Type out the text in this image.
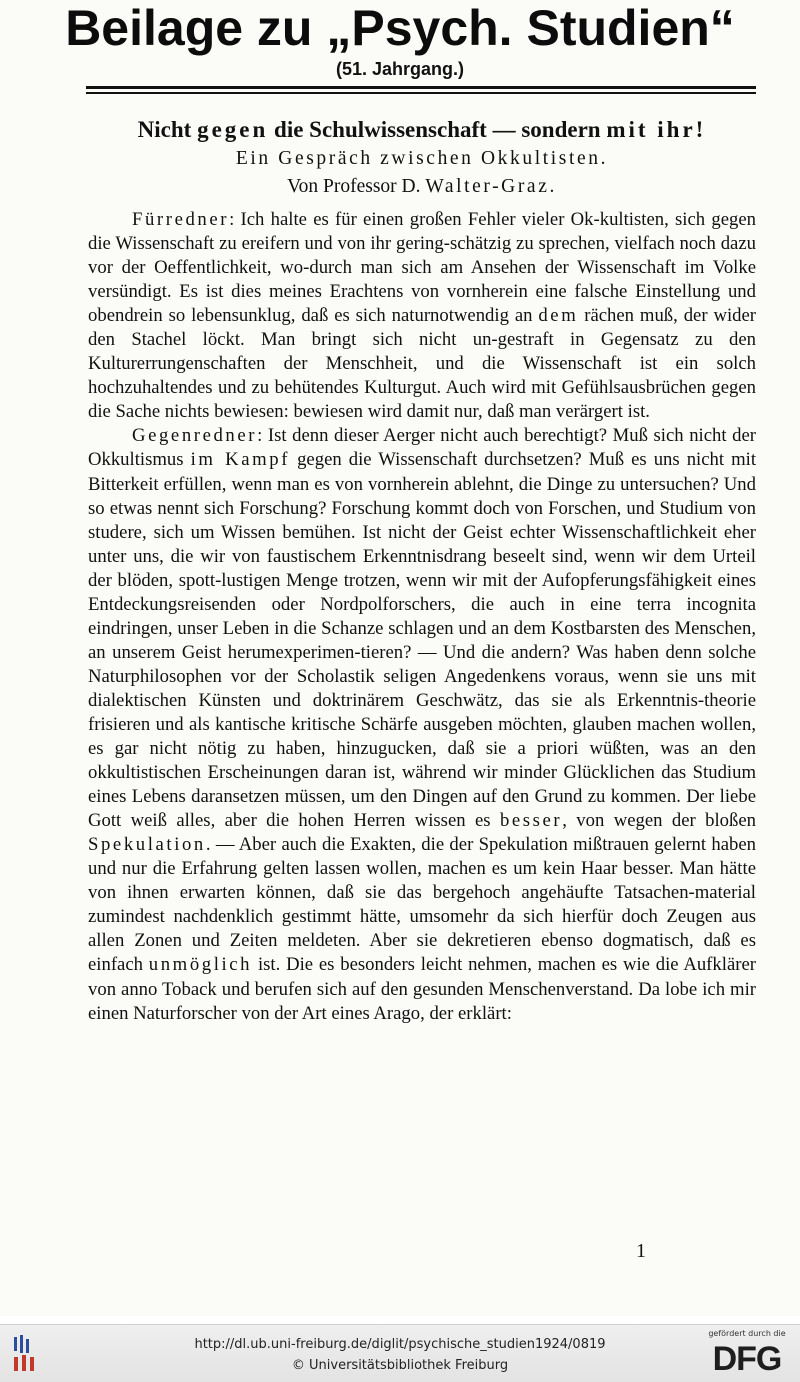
Beilage zu „Psych. Studien“
(51. Jahrgang.)
Nicht gegen die Schulwissenschaft — sondern mit ihr!
Ein Gespräch zwischen Okkultisten.
Von Professor D. Walter-Graz.

Fürredner: Ich halte es für einen großen Fehler vieler Ok-kultisten, sich gegen die Wissenschaft zu ereifern und von ihr gering-schätzig zu sprechen, vielfach noch dazu vor der Oeffentlichkeit, wo-durch man sich am Ansehen der Wissenschaft im Volke versündigt. Es ist dies meines Erachtens von vornherein eine falsche Einstellung und obendrein so lebensunklug, daß es sich naturnotwendig an dem rächen muß, der wider den Stachel löckt. Man bringt sich nicht un-gestraft in Gegensatz zu den Kulturerrungenschaften der Menschheit, und die Wissenschaft ist ein solch hochzuhaltendes und zu behütendes Kulturgut. Auch wird mit Gefühlsausbrüchen gegen die Sache nichts bewiesen: bewiesen wird damit nur, daß man verärgert ist.

Gegenredner: Ist denn dieser Aerger nicht auch berechtigt? Muß sich nicht der Okkultismus im Kampf gegen die Wissenschaft durchsetzen? Muß es uns nicht mit Bitterkeit erfüllen, wenn man es von vornherein ablehnt, die Dinge zu untersuchen? Und so etwas nennt sich Forschung? Forschung kommt doch von Forschen, und Studium von studere, sich um Wissen bemühen. Ist nicht der Geist echter Wissenschaftlichkeit eher unter uns, die wir von faustischem Erkenntnisdrang beseelt sind, wenn wir dem Urteil der blöden, spott-lustigen Menge trotzen, wenn wir mit der Aufopferungsfähigkeit eines Entdeckungsreisenden oder Nordpolforschers, die auch in eine terra incognita eindringen, unser Leben in die Schanze schlagen und an dem Kostbarsten des Menschen, an unserem Geist herumexperimen-tieren? — Und die andern? Was haben denn solche Naturphilosophen vor der Scholastik seligen Angedenkens voraus, wenn sie uns mit dialektischen Künsten und doktrinärem Geschwätz, das sie als Erkenntnis-theorie frisieren und als kantische kritische Schärfe ausgeben möchten, glauben machen wollen, es gar nicht nötig zu haben, hinzugucken, daß sie a priori wüßten, was an den okkultistischen Erscheinungen daran ist, während wir minder Glücklichen das Studium eines Lebens daransetzen müssen, um den Dingen auf den Grund zu kommen. Der liebe Gott weiß alles, aber die hohen Herren wissen es besser, von wegen der bloßen Spekulation. — Aber auch die Exakten, die der Spekulation mißtrauen gelernt haben und nur die Erfahrung gelten lassen wollen, machen es um kein Haar besser. Man hätte von ihnen erwarten können, daß sie das bergehoch angehäufte Tatsachen-material zumindest nachdenklich gestimmt hätte, umsomehr da sich hierfür doch Zeugen aus allen Zonen und Zeiten meldeten. Aber sie dekretieren ebenso dogmatisch, daß es einfach unmöglich ist. Die es besonders leicht nehmen, machen es wie die Aufklärer von anno Toback und berufen sich auf den gesunden Menschenverstand. Da lobe ich mir einen Naturforscher von der Art eines Arago, der erklärt:

1
http://dl.ub.uni-freiburg.de/diglit/psychische_studien1924/0819
© Universitätsbibliothek Freiburg
gefördert durch die
DFG
